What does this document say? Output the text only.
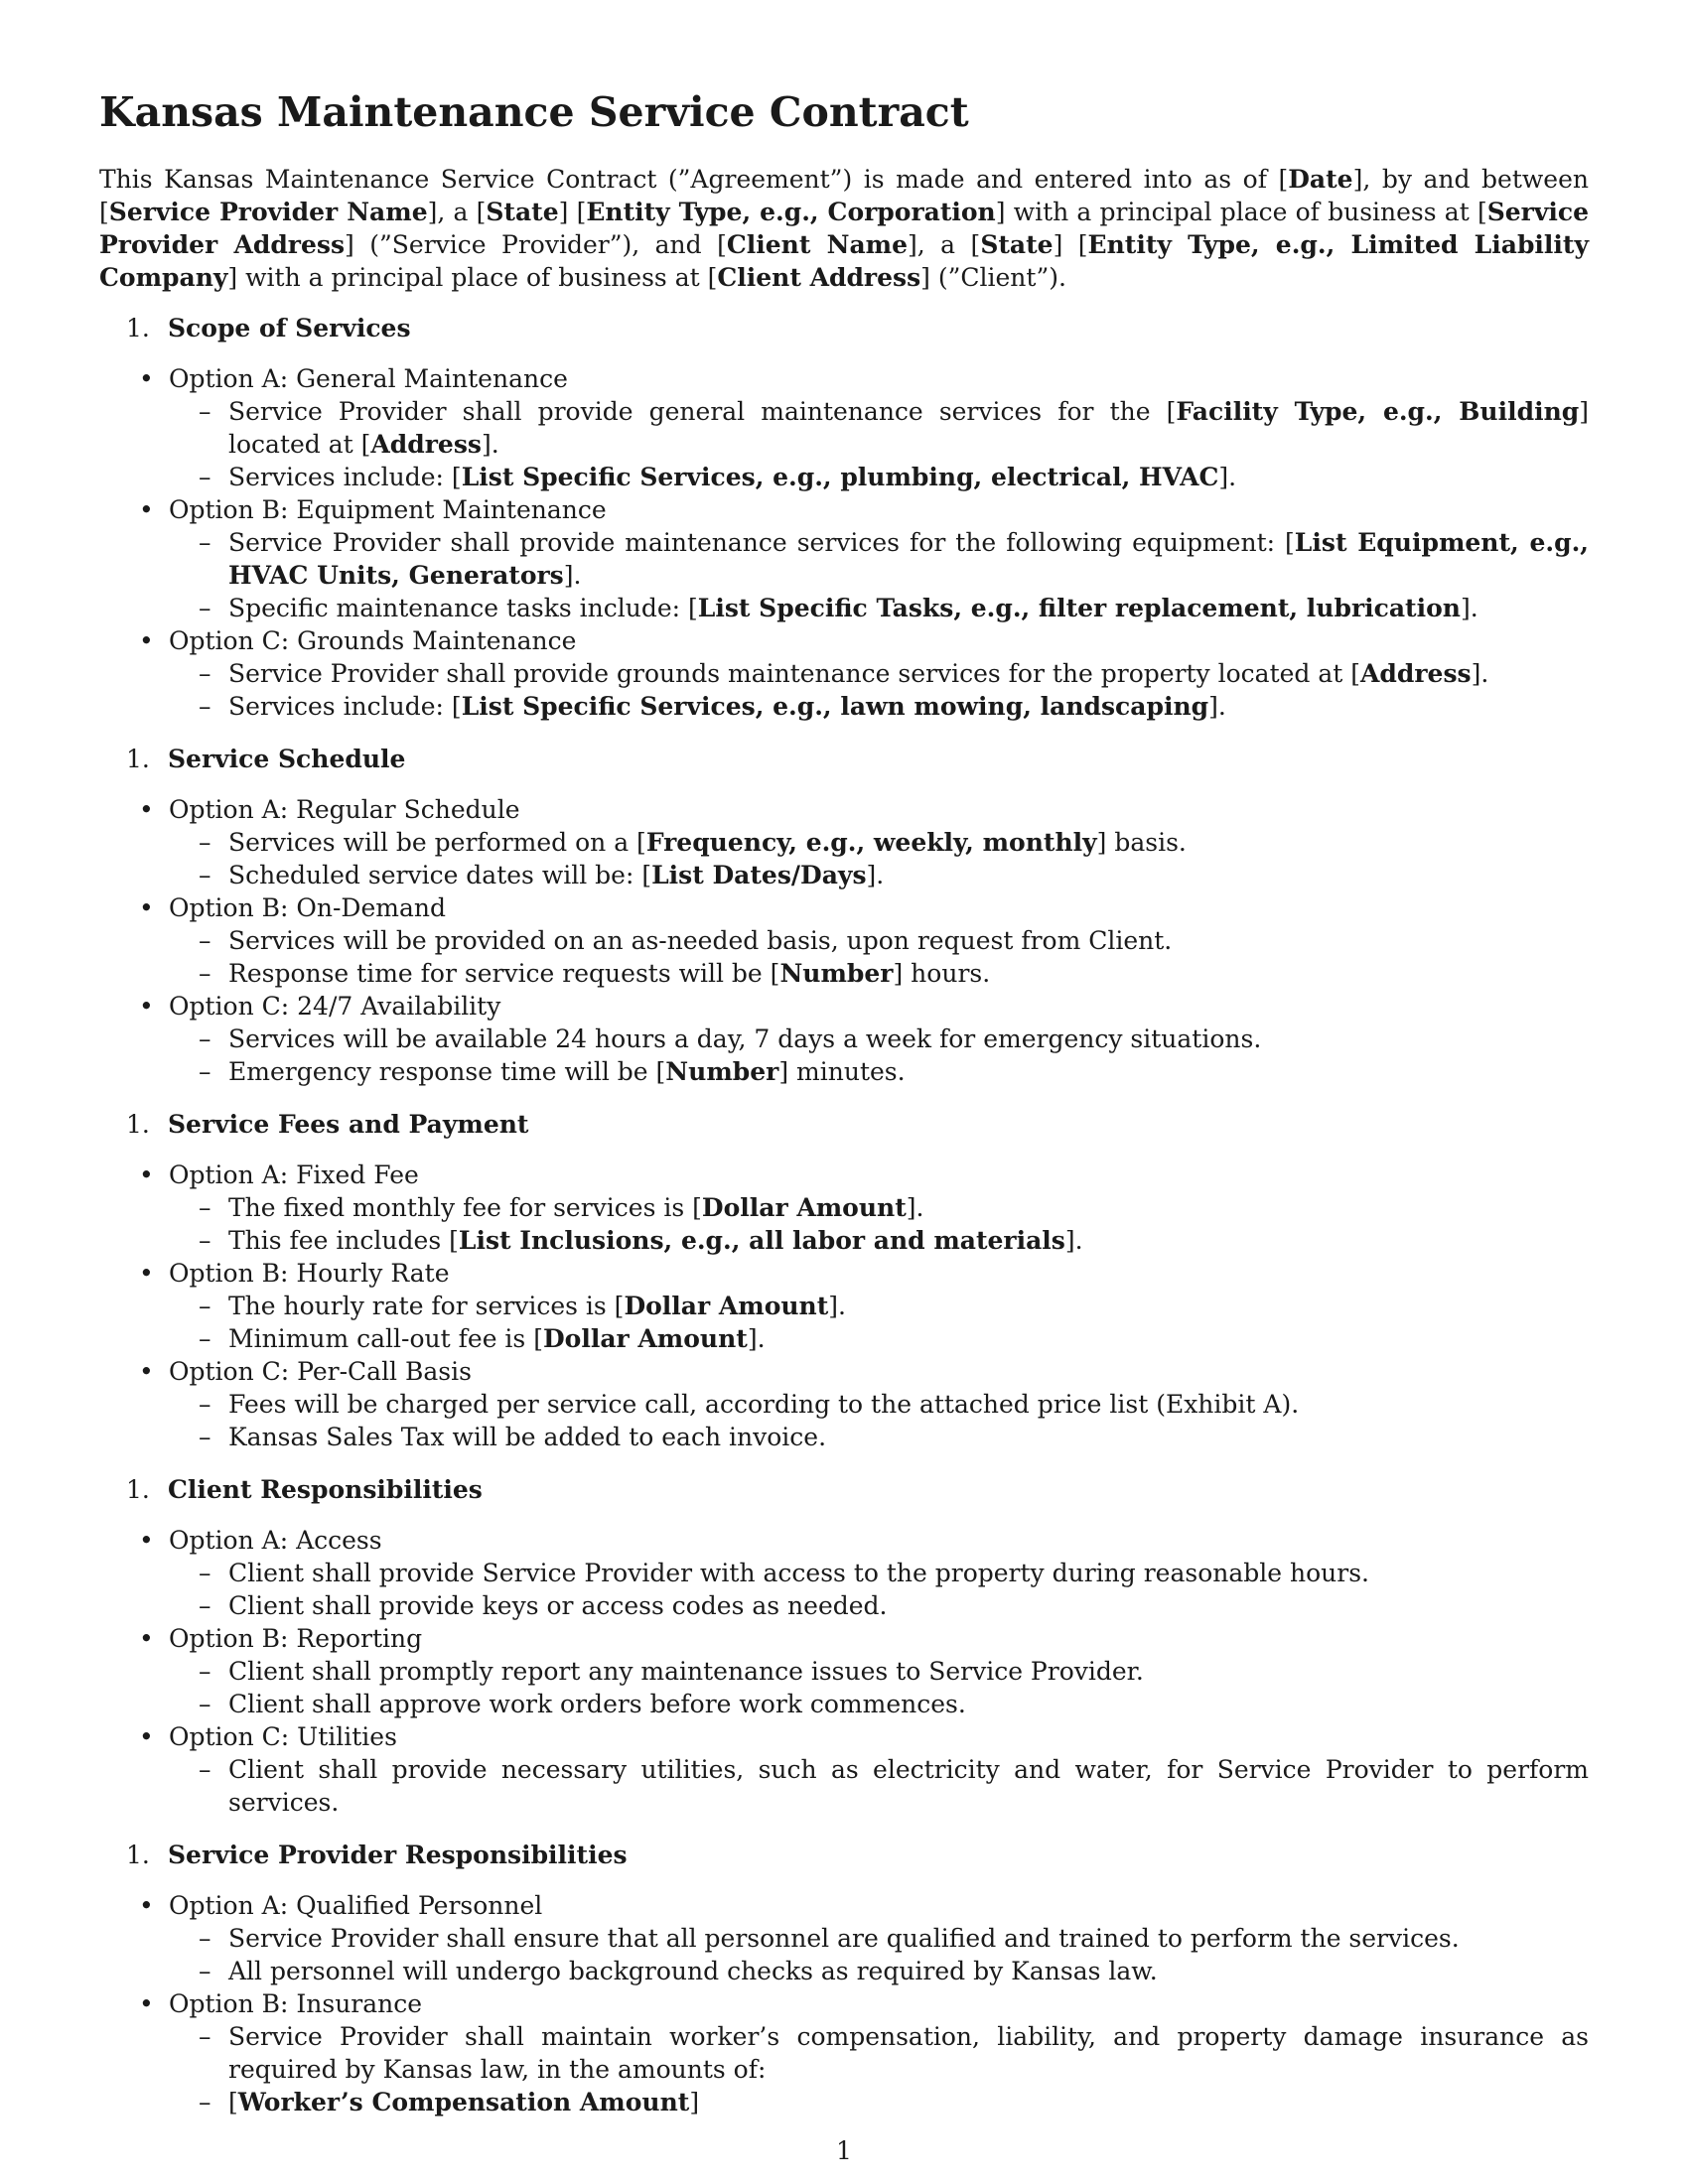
Kansas Maintenance Service Contract

This Kansas Maintenance Service Contract (”Agreement”) is made and entered into as of [Date], by and between [Service Provider Name], a [State] [Entity Type, e.g., Corporation] with a principal place of business at [Service Provider Address] (”Service Provider”), and [Client Name], a [State] [Entity Type, e.g., Limited Liability Company] with a principal place of business at [Client Address] (”Client”).

1. Scope of Services
• Option A: General Maintenance
– Service Provider shall provide general maintenance services for the [Facility Type, e.g., Building] located at [Address].
– Services include: [List Specific Services, e.g., plumbing, electrical, HVAC].
• Option B: Equipment Maintenance
– Service Provider shall provide maintenance services for the following equipment: [List Equipment, e.g., HVAC Units, Generators].
– Specific maintenance tasks include: [List Specific Tasks, e.g., filter replacement, lubrication].
• Option C: Grounds Maintenance
– Service Provider shall provide grounds maintenance services for the property located at [Address].
– Services include: [List Specific Services, e.g., lawn mowing, landscaping].
1. Service Schedule
• Option A: Regular Schedule
– Services will be performed on a [Frequency, e.g., weekly, monthly] basis.
– Scheduled service dates will be: [List Dates/Days].
• Option B: On-Demand
– Services will be provided on an as-needed basis, upon request from Client.
– Response time for service requests will be [Number] hours.
• Option C: 24/7 Availability
– Services will be available 24 hours a day, 7 days a week for emergency situations.
– Emergency response time will be [Number] minutes.
1. Service Fees and Payment
• Option A: Fixed Fee
– The fixed monthly fee for services is [Dollar Amount].
– This fee includes [List Inclusions, e.g., all labor and materials].
• Option B: Hourly Rate
– The hourly rate for services is [Dollar Amount].
– Minimum call-out fee is [Dollar Amount].
• Option C: Per-Call Basis
– Fees will be charged per service call, according to the attached price list (Exhibit A).
– Kansas Sales Tax will be added to each invoice.
1. Client Responsibilities
• Option A: Access
– Client shall provide Service Provider with access to the property during reasonable hours.
– Client shall provide keys or access codes as needed.
• Option B: Reporting
– Client shall promptly report any maintenance issues to Service Provider.
– Client shall approve work orders before work commences.
• Option C: Utilities
– Client shall provide necessary utilities, such as electricity and water, for Service Provider to perform services.
1. Service Provider Responsibilities
• Option A: Qualified Personnel
– Service Provider shall ensure that all personnel are qualified and trained to perform the services.
– All personnel will undergo background checks as required by Kansas law.
• Option B: Insurance
– Service Provider shall maintain worker’s compensation, liability, and property damage insurance as required by Kansas law, in the amounts of:
– [Worker’s Compensation Amount]
1
